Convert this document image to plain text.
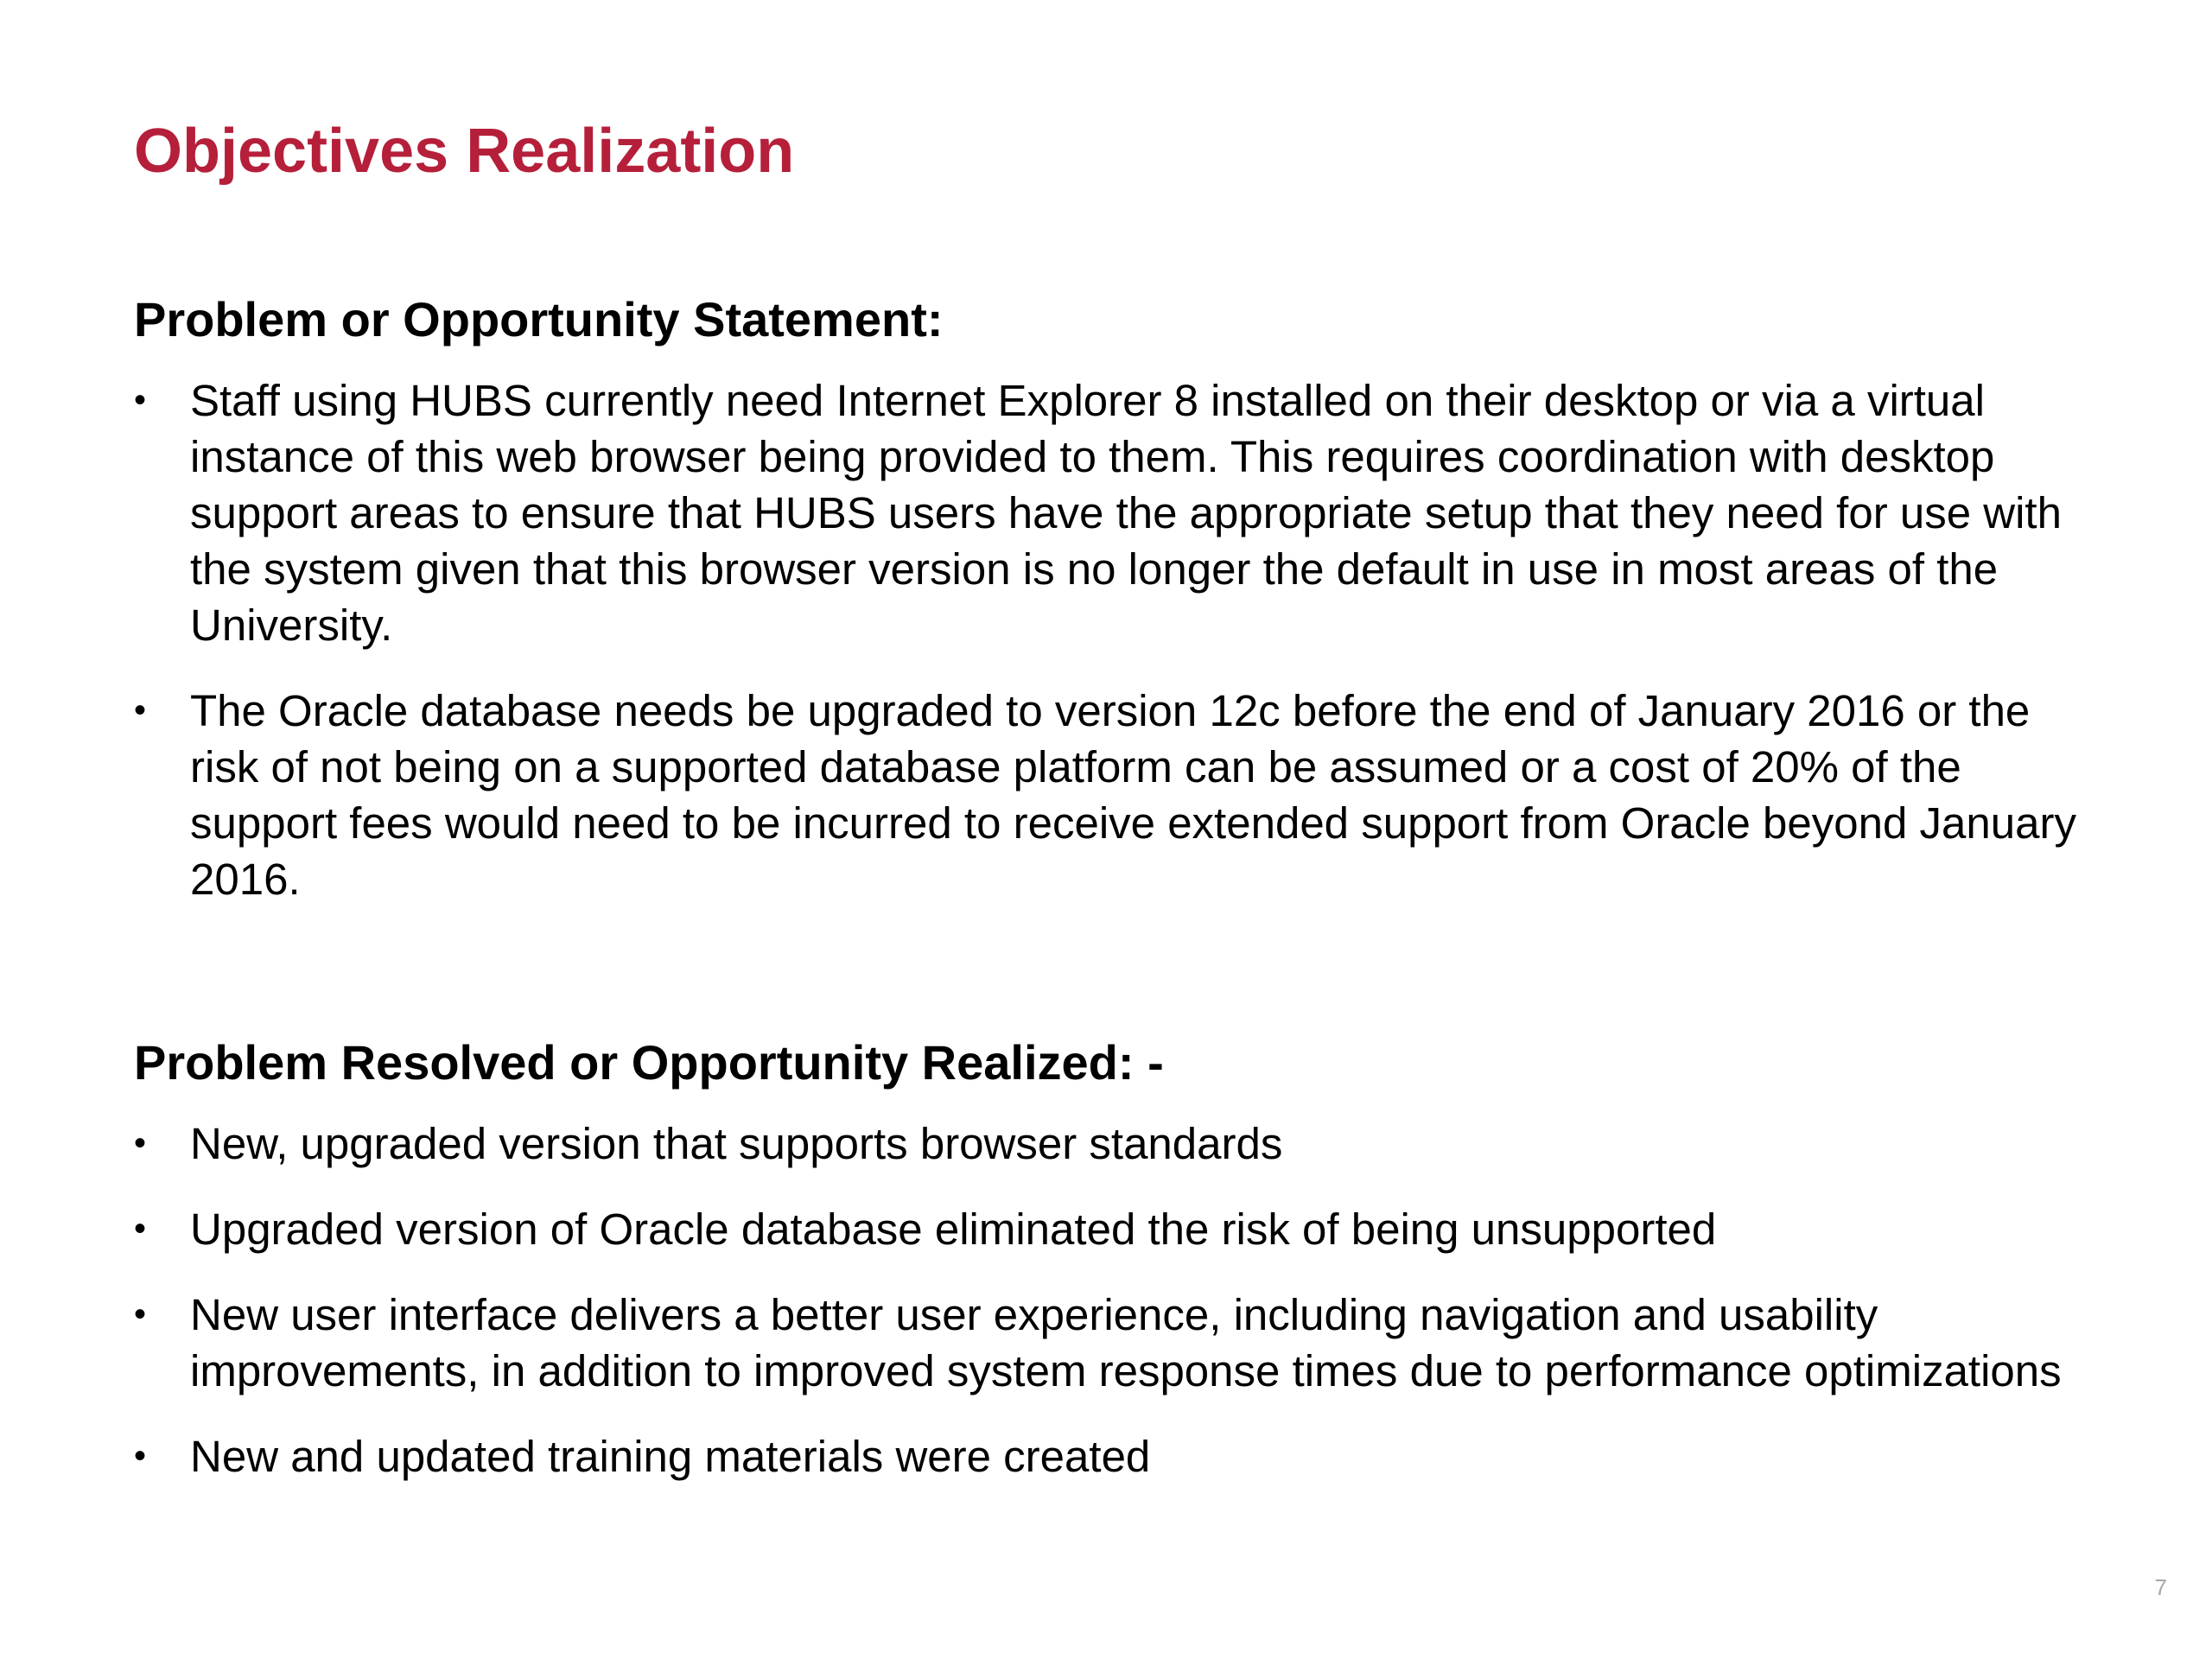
Objectives Realization
Problem or Opportunity Statement:
• Staff using HUBS currently need Internet Explorer 8 installed on their desktop or via a virtual instance of this web browser being provided to them. This requires coordination with desktop support areas to ensure that HUBS users have the appropriate setup that they need for use with the system given that this browser version is no longer the default in use in most areas of the University.
• The Oracle database needs be upgraded to version 12c before the end of January 2016 or the risk of not being on a supported database platform can be assumed or a cost of 20% of the support fees would need to be incurred to receive extended support from Oracle beyond January 2016.
Problem Resolved or Opportunity Realized: -
• New, upgraded version that supports browser standards
• Upgraded version of Oracle database eliminated the risk of being unsupported
• New user interface delivers a better user experience, including navigation and usability improvements, in addition to improved system response times due to performance optimizations
• New and updated training materials were created
7
